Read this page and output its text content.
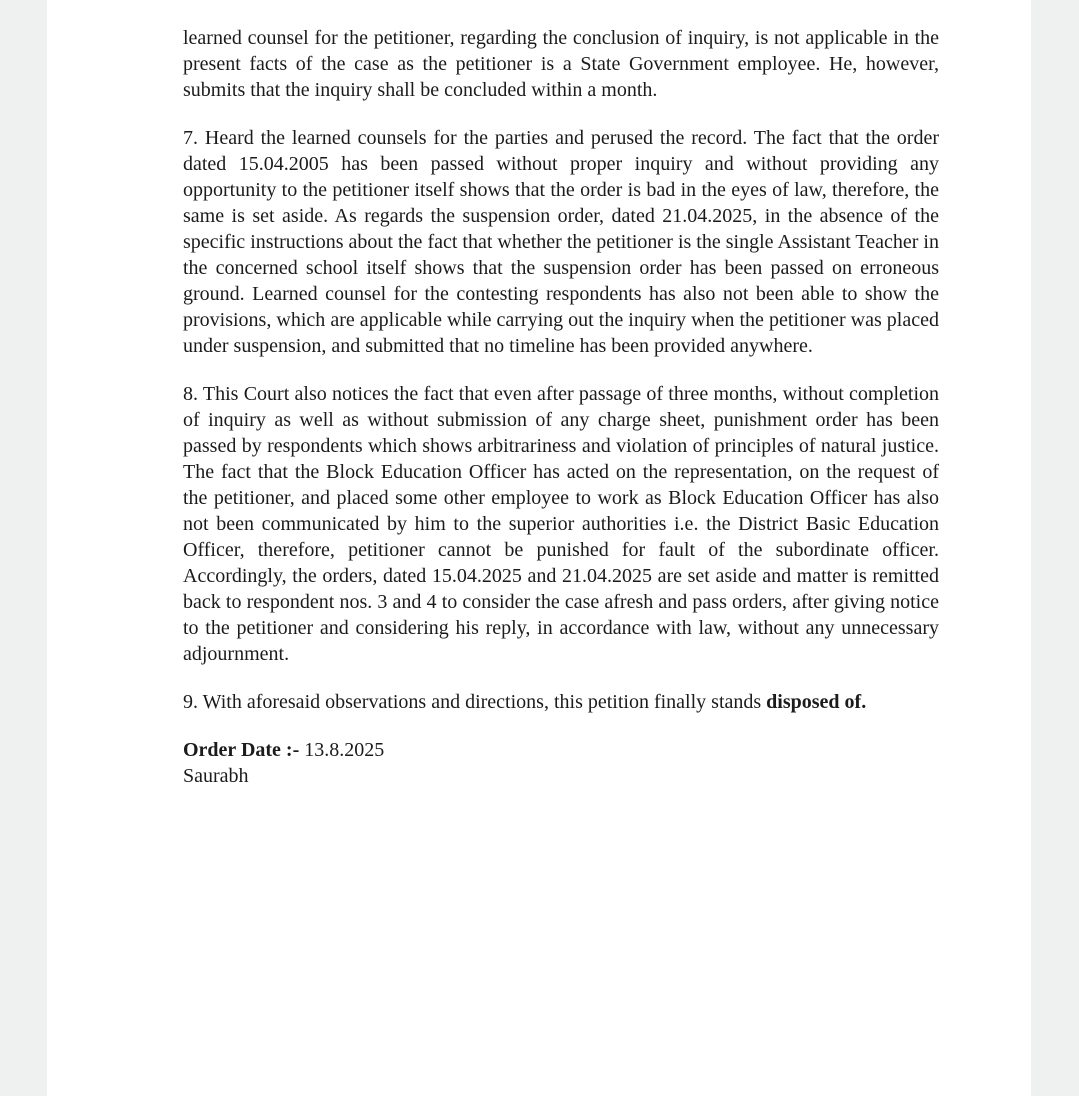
learned counsel for the petitioner, regarding the conclusion of inquiry, is not applicable in the present facts of the case as the petitioner is a State Government employee. He, however, submits that the inquiry shall be concluded within a month.

7. Heard the learned counsels for the parties and perused the record. The fact that the order dated 15.04.2005 has been passed without proper inquiry and without providing any opportunity to the petitioner itself shows that the order is bad in the eyes of law, therefore, the same is set aside. As regards the suspension order, dated 21.04.2025, in the absence of the specific instructions about the fact that whether the petitioner is the single Assistant Teacher in the concerned school itself shows that the suspension order has been passed on erroneous ground. Learned counsel for the contesting respondents has also not been able to show the provisions, which are applicable while carrying out the inquiry when the petitioner was placed under suspension, and submitted that no timeline has been provided anywhere.

8. This Court also notices the fact that even after passage of three months, without completion of inquiry as well as without submission of any charge sheet, punishment order has been passed by respondents which shows arbitrariness and violation of principles of natural justice. The fact that the Block Education Officer has acted on the representation, on the request of the petitioner, and placed some other employee to work as Block Education Officer has also not been communicated by him to the superior authorities i.e. the District Basic Education Officer, therefore, petitioner cannot be punished for fault of the subordinate officer. Accordingly, the orders, dated 15.04.2025 and 21.04.2025 are set aside and matter is remitted back to respondent nos. 3 and 4 to consider the case afresh and pass orders, after giving notice to the petitioner and considering his reply, in accordance with law, without any unnecessary adjournment.

9. With aforesaid observations and directions, this petition finally stands disposed of.

Order Date :- 13.8.2025

Saurabh
